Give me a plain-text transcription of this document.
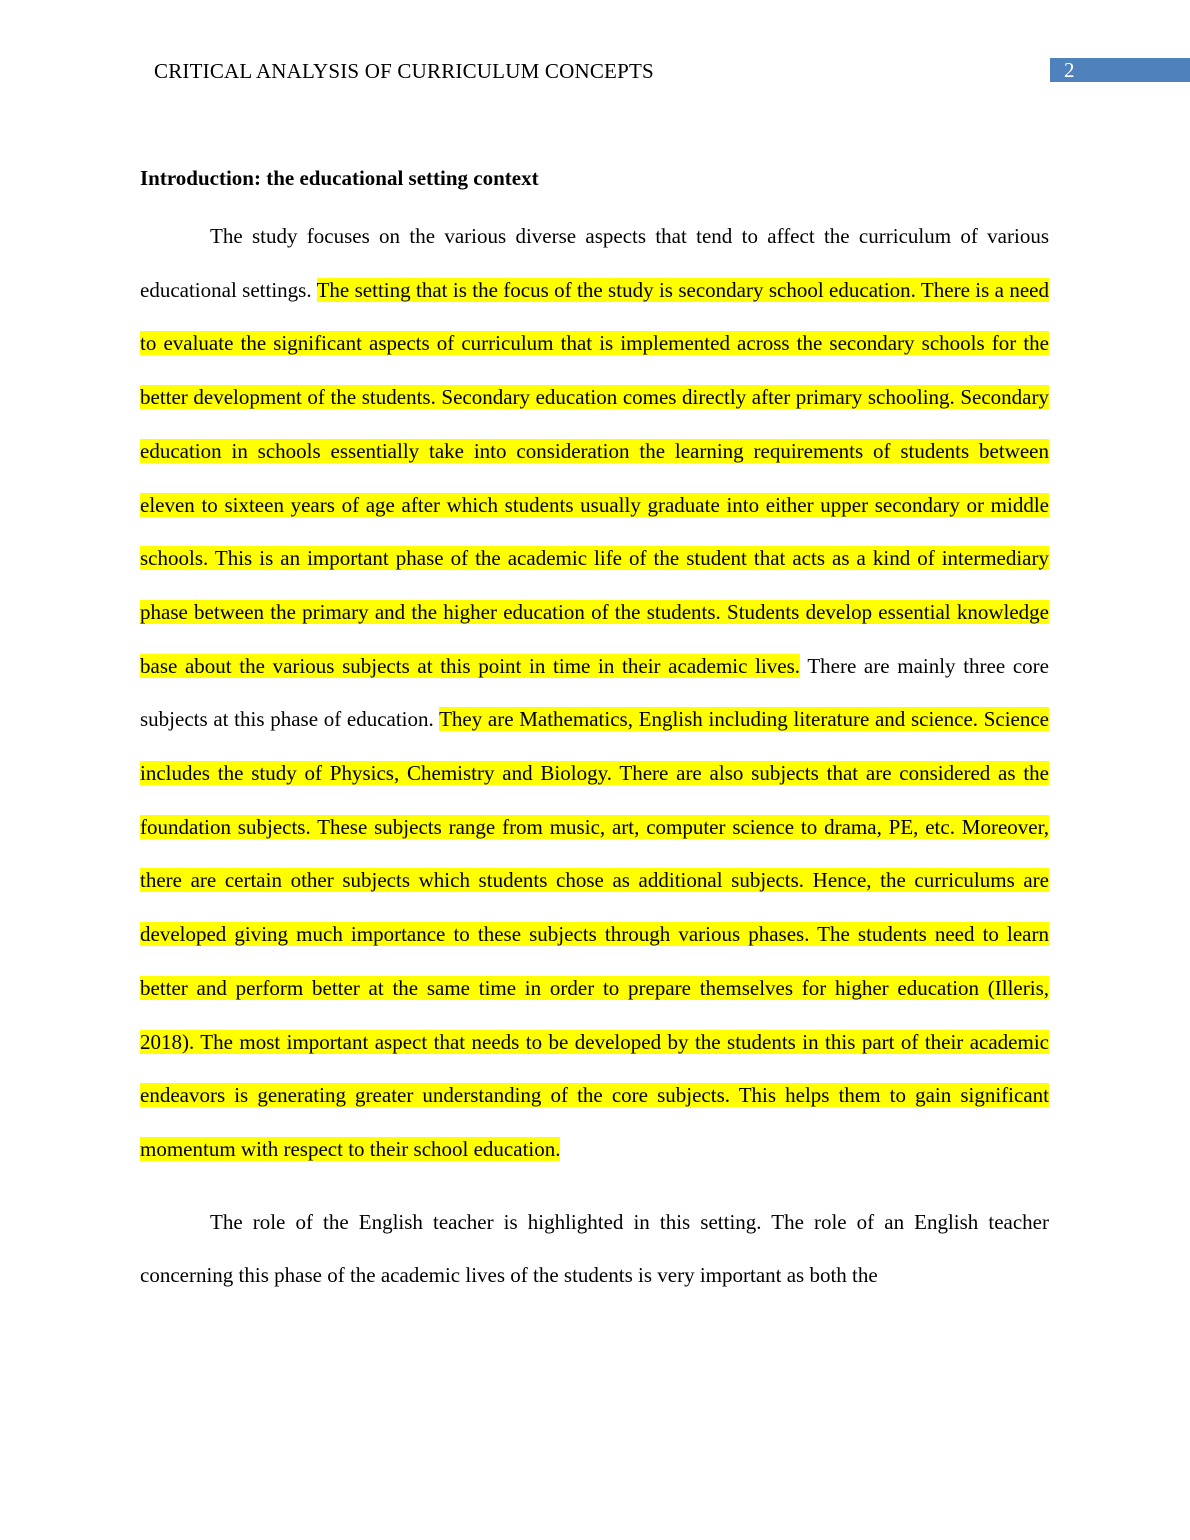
CRITICAL ANALYSIS OF CURRICULUM CONCEPTS	2
Introduction: the educational setting context

The study focuses on the various diverse aspects that tend to affect the curriculum of various educational settings. The setting that is the focus of the study is secondary school education. There is a need to evaluate the significant aspects of curriculum that is implemented across the secondary schools for the better development of the students. Secondary education comes directly after primary schooling. Secondary education in schools essentially take into consideration the learning requirements of students between eleven to sixteen years of age after which students usually graduate into either upper secondary or middle schools. This is an important phase of the academic life of the student that acts as a kind of intermediary phase between the primary and the higher education of the students. Students develop essential knowledge base about the various subjects at this point in time in their academic lives. There are mainly three core subjects at this phase of education. They are Mathematics, English including literature and science. Science includes the study of Physics, Chemistry and Biology. There are also subjects that are considered as the foundation subjects. These subjects range from music, art, computer science to drama, PE, etc. Moreover, there are certain other subjects which students chose as additional subjects. Hence, the curriculums are developed giving much importance to these subjects through various phases. The students need to learn better and perform better at the same time in order to prepare themselves for higher education (Illeris, 2018). The most important aspect that needs to be developed by the students in this part of their academic endeavors is generating greater understanding of the core subjects. This helps them to gain significant momentum with respect to their school education.

The role of the English teacher is highlighted in this setting. The role of an English teacher concerning this phase of the academic lives of the students is very important as both the
